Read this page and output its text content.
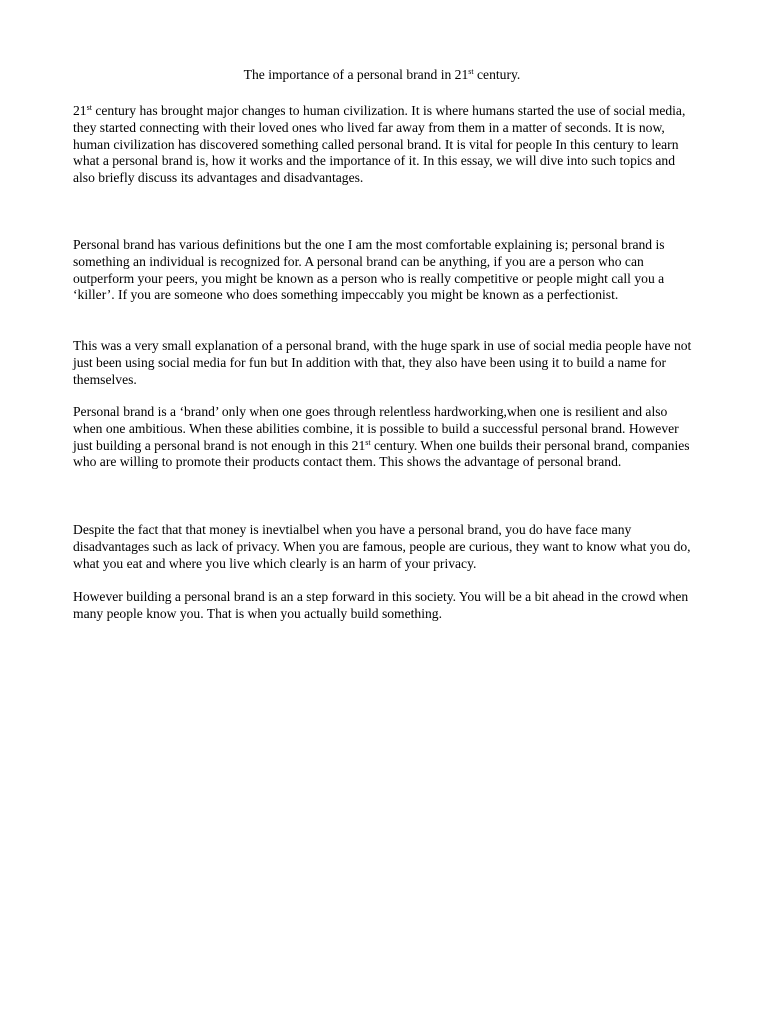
The importance of a personal brand in 21st century.

21st century has brought major changes to human civilization. It is where humans started the use of social media, they started connecting with their loved ones who lived far away from them in a matter of seconds. It is now, human civilization has discovered something called personal brand. It is vital for people In this century to learn what a personal brand is, how it works and the importance of it. In this essay, we will dive into such topics and also briefly discuss its advantages and disadvantages.

Personal brand has various definitions but the one I am the most comfortable explaining is; personal brand is something an individual is recognized for. A personal brand can be anything, if you are a person who can outperform your peers, you might be known as a person who is really competitive or people might call you a ‘killer’. If you are someone who does something impeccably you might be known as a perfectionist.

This was a very small explanation of a personal brand, with the huge spark in use of social media people have not just been using social media for fun but In addition with that, they also have been using it to build a name for themselves.

Personal brand is a ‘brand’ only when one goes through relentless hardworking,when one is resilient and also when one ambitious. When these abilities combine, it is possible to build a successful personal brand. However just building a personal brand is not enough in this 21st century. When one builds their personal brand, companies who are willing to promote their products contact them. This shows the advantage of personal brand.

Despite the fact that that money is inevtialbel when you have a personal brand, you do have face many disadvantages such as lack of privacy. When you are famous, people are curious, they want to know what you do, what you eat and where you live which clearly is an harm of your privacy.

However building a personal brand is an a step forward in this society. You will be a bit ahead in the crowd when many people know you. That is when you actually build something.
